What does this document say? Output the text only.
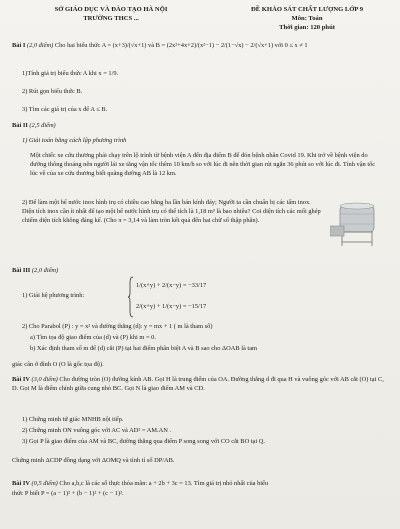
SỞ GIÁO DỤC VÀ ĐÀO TẠO HÀ NỘI
TRƯỜNG THCS ...
ĐỀ KHẢO SÁT CHẤT LƯỢNG LỚP 9
Môn: Toán
Thời gian: 120 phút
Bài I (2,0 điểm) Cho hai biểu thức A = (x+3)/(√x+1) và B = (2x²+4x+2)/(x²−1) − 2/(1−√x) − 2/(√x+1) với 0 ≤ x ≠ 1
1)Tính giá trị biểu thức A khi x = 1/9.
2) Rút gọn biểu thức B.
3) Tìm các giá trị của x để A ≤ B.
Bài II (2,5 điểm)
1) Giải toán bằng cách lập phương trình
Một chiếc xe cứu thương phải chạy trên lộ trình từ bệnh viện A đến địa điểm B để đón bệnh nhân Covid 19. Khi trở về bệnh viện do đường thông thoáng nên người lái xe tăng vận tốc thêm 10 km/h so với lúc đi nên thời gian rút ngắn 36 phút so với lúc đi. Tính vận tốc lúc về của xe cứu thương biết quãng đường AB là 12 km.
2) Để làm một bể nước inox hình trụ có chiều cao bằng ba lần bán kính đáy; Người ta cần chuẩn bị các tấm inox. Diện tích inox cần ít nhất để tạo một bể nước hình trụ có thể tích là 1,18 m³ là bao nhiêu? Coi diện tích các mối ghép chiếm diện tích không đáng kể. (Cho π = 3,14 và làm tròn kết quả đến hai chữ số thập phân).
Bài III (2,0 điểm)
1) Giải hệ phương trình:
1/(x+y) + 2/(x−y) = −33/17
2/(x+y) + 1/(x−y) = −15/17
2) Cho Parabol (P) : y = x² và đường thẳng (d): y = mx + 1 ( m là tham số)
a) Tìm tọa độ giao điểm của (d) và (P) khi m = 0.
b) Xác định tham số m để (d) cắt (P) tại hai điểm phân biệt A và B sao cho ΔOAB là tam
giác cân ở đỉnh O (O là gốc tọa độ).
Bài IV (3,0 điểm) Cho đường tròn (O) đường kính AB. Gọi H là trung điểm của OA. Đường thẳng d đi qua H và vuông góc với AB cắt (O) tại C, D. Gọi M là điểm chính giữa cung nhỏ BC. Gọi N là giao điểm AM và CD.
1) Chứng minh tứ giác MNHB nội tiếp.
2) Chứng minh ON vuông góc với AC và AD² = AM.AN .
3) Gọi P là giao điểm của AM và BC, đường thẳng qua điểm P song song với CO cắt BO tại Q.
Chứng minh ΔCDP đồng dạng với ΔOMQ và tính tỉ số DP/AB.
Bài IV (0,5 điểm) Cho a,b,c là các số thực thỏa mãn: a + 2b + 3c = 13. Tìm giá trị nhỏ nhất của biểu
thức P biết P = (a − 1)² + (b − 1)² + (c − 1)².
